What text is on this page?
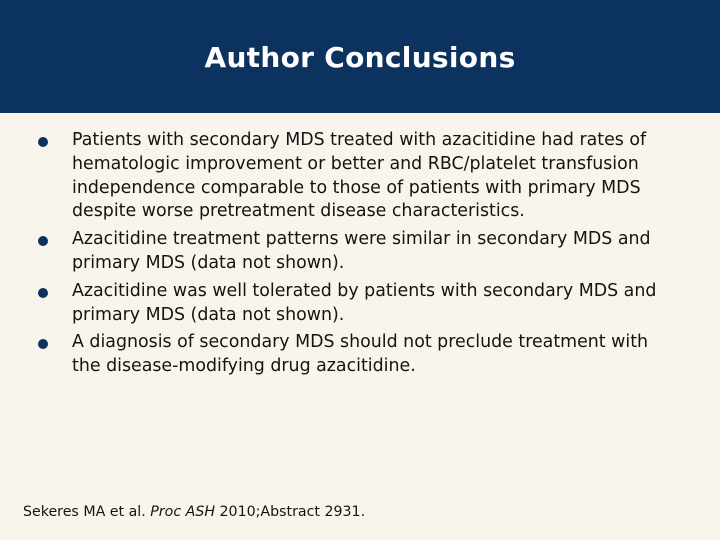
Author Conclusions
Patients with secondary MDS treated with azacitidine had rates of hematologic improvement or better and RBC/platelet transfusion independence comparable to those of patients with primary MDS despite worse pretreatment disease characteristics.
Azacitidine treatment patterns were similar in secondary MDS and primary MDS (data not shown).
Azacitidine was well tolerated by patients with secondary MDS and primary MDS (data not shown).
A diagnosis of secondary MDS should not preclude treatment with the disease-modifying drug azacitidine.
Sekeres MA et al. Proc ASH 2010;Abstract 2931.
